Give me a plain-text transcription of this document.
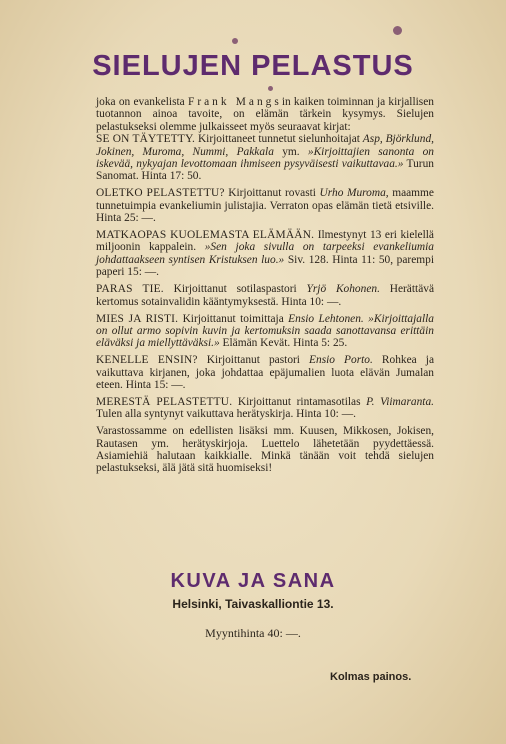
SIELUJEN PELASTUS

joka on evankelista Frank Mangsin kaiken toiminnan ja kirjallisen tuotannon ainoa tavoite, on elämän tärkein kysymys. Sielujen pelastukseksi olemme julkaisseet myös seuraavat kirjat:

SE ON TÄYTETTY. Kirjoittaneet tunnetut sielunhoitajat Asp, Björklund, Jokinen, Muroma, Nummi, Pakkala ym. »Kirjoittajien sanonta on iskevää, nykyajan levottomaan ihmiseen pysyväisesti vaikuttavaa.» Turun Sanomat. Hinta 17: 50.

OLETKO PELASTETTU? Kirjoittanut rovasti Urho Muroma, maamme tunnetuimpia evankeliumin julistajia. Verraton opas elämän tietä etsiville. Hinta 25: —.

MATKAOPAS KUOLEMASTA ELÄMÄÄN. Ilmestynyt 13 eri kielellä miljoonin kappalein. »Sen joka sivulla on tarpeeksi evankeliumia johdattaakseen syntisen Kristuksen luo.» Siv. 128. Hinta 11: 50, parempi paperi 15: —.

PARAS TIE. Kirjoittanut sotilaspastori Yrjö Kohonen. Herättävä kertomus sotainvalidin kääntymyksestä. Hinta 10: —.

MIES JA RISTI. Kirjoittanut toimittaja Ensio Lehtonen. »Kirjoittajalla on ollut armo sopivin kuvin ja kertomuksin saada sanottavansa erittäin eläväksi ja miellyttäväksi.» Elämän Kevät. Hinta 5: 25.

KENELLE ENSIN? Kirjoittanut pastori Ensio Porto. Rohkea ja vaikuttava kirjanen, joka johdattaa epäjumalien luota elävän Jumalan eteen. Hinta 15: —.

MERESTÄ PELASTETTU. Kirjoittanut rintamasotilas P. Viimaranta. Tulen alla syntynyt vaikuttava herätyskirja. Hinta 10: —.

Varastossamme on edellisten lisäksi mm. Kuusen, Mikkosen, Jokisen, Rautasen ym. herätyskirjoja. Luettelo lähetetään pyydettäessä. Asiamiehiä halutaan kaikkialle. Minkä tänään voit tehdä sielujen pelastukseksi, älä jätä sitä huomiseksi!

KUVA JA SANA
Helsinki, Taivaskalliontie 13.
Myyntihinta 40: —.
Kolmas painos.
